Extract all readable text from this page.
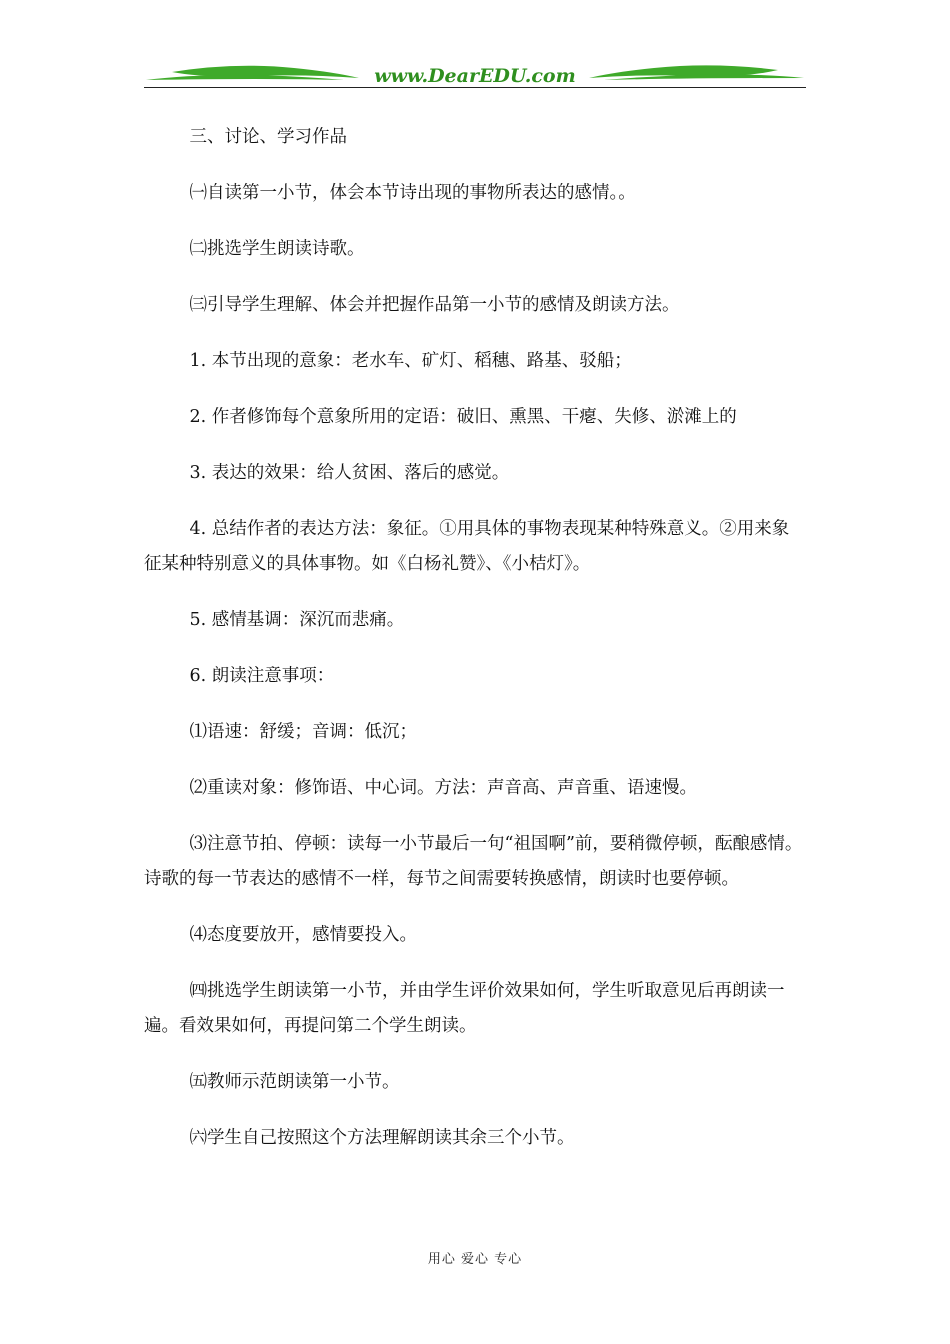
www.DearEDU.com

三、讨论、学习作品

㈠自读第一小节，体会本节诗出现的事物所表达的感情。。

㈡挑选学生朗读诗歌。

㈢引导学生理解、体会并把握作品第一小节的感情及朗读方法。

1. 本节出现的意象：老水车、矿灯、稻穗、路基、驳船；

2. 作者修饰每个意象所用的定语：破旧、熏黑、干瘪、失修、淤滩上的

3. 表达的效果：给人贫困、落后的感觉。

4. 总结作者的表达方法：象征。①用具体的事物表现某种特殊意义。②用来象征某种特别意义的具体事物。如《白杨礼赞》、《小桔灯》。

5. 感情基调：深沉而悲痛。

6. 朗读注意事项：

⑴语速：舒缓；音调：低沉；

⑵重读对象：修饰语、中心词。方法：声音高、声音重、语速慢。

⑶注意节拍、停顿：读每一小节最后一句“祖国啊”前，要稍微停顿，酝酿感情。诗歌的每一节表达的感情不一样，每节之间需要转换感情，朗读时也要停顿。

⑷态度要放开，感情要投入。

㈣挑选学生朗读第一小节，并由学生评价效果如何，学生听取意见后再朗读一遍。看效果如何，再提问第二个学生朗读。

㈤教师示范朗读第一小节。

㈥学生自己按照这个方法理解朗读其余三个小节。

用心 爱心 专心
